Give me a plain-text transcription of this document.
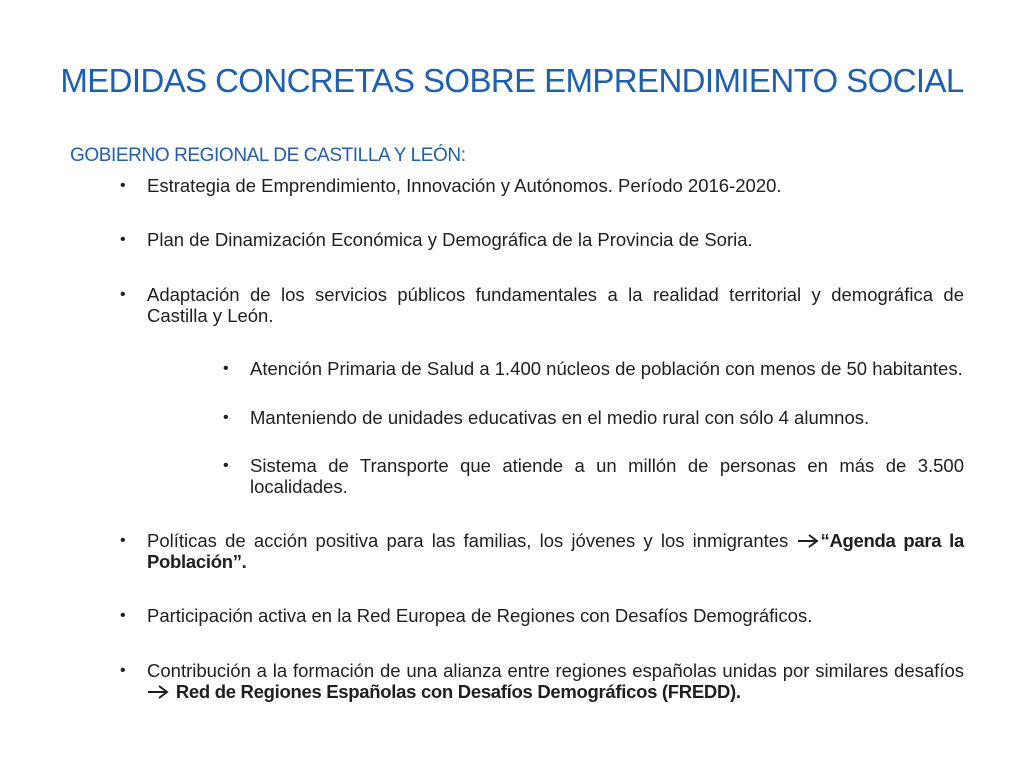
MEDIDAS CONCRETAS SOBRE EMPRENDIMIENTO SOCIAL
GOBIERNO REGIONAL DE CASTILLA Y LEÓN:
• Estrategia de Emprendimiento, Innovación y Autónomos. Período 2016-2020.
• Plan de Dinamización Económica y Demográfica de la Provincia de Soria.
• Adaptación de los servicios públicos fundamentales a la realidad territorial y demográfica de Castilla y León.
• Atención Primaria de Salud a 1.400 núcleos de población con menos de 50 habitantes.
• Manteniendo de unidades educativas en el medio rural con sólo 4 alumnos.
• Sistema de Transporte que atiende a un millón de personas en más de 3.500 localidades.
• Políticas de acción positiva para las familias, los jóvenes y los inmigrantes “Agenda para la Población”.
• Participación activa en la Red Europea de Regiones con Desafíos Demográficos.
• Contribución a la formación de una alianza entre regiones españolas unidas por similares desafíos Red de Regiones Españolas con Desafíos Demográficos (FREDD).
